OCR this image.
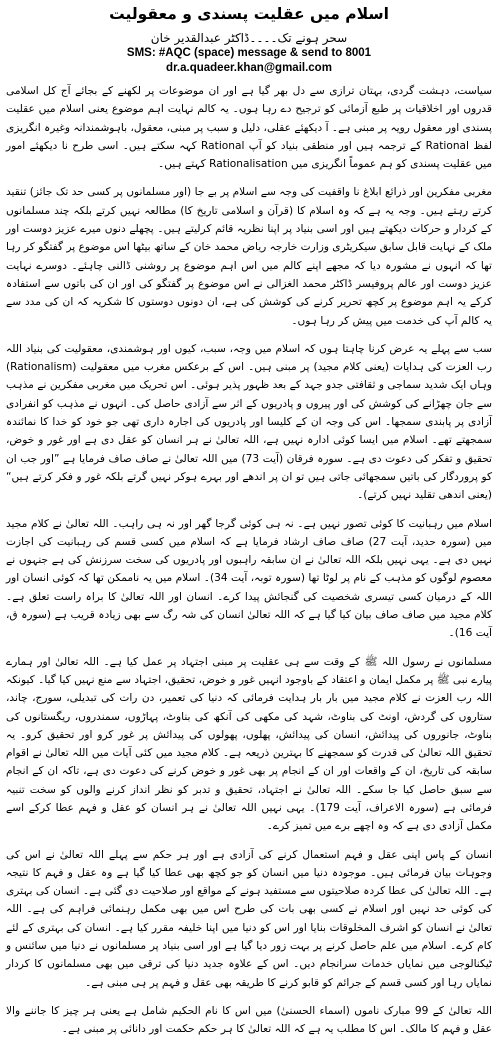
اسلام میں عقلیت پسندی و معقولیت

سحر ہونے تک۔۔۔۔ڈاکٹر عبدالقدیر خان

SMS: #AQC (space) message & send to 8001
dr.a.quadeer.khan@gmail.com

سیاست، دہشت گردی، بہتان ترازی سے دل بھر گیا ہے اور ان موضوعات پر لکھنے کے بجائے آج کل اسلامی قدروں اور اخلاقیات پر طبع آزمائی کو ترجیح دے رہا ہوں۔ یہ کالم نہایت اہم موضوع یعنی اسلام میں عقلیت پسندی اور معقول رویہ پر مبنی ہے۔ آ دیکھئے عقلی، دلیل و سبب پر مبنی، معقول، باہوشمندانہ وغیرہ انگریزی لفظ Rational کے ترجمہ ہیں اور منطقی بنیاد کو آپ Rational کہہ سکتے ہیں۔ اسی طرح نا دیکھئے امور میں عقلیت پسندی کو ہم عموماً انگریزی میں Rationalisation کہتے ہیں۔

مغربی مفکرین اور ذرائع ابلاغ نا واقفیت کی وجہ سے اسلام پر بے جا (اور مسلمانوں پر کسی حد تک جائز) تنقید کرتے رہتے ہیں۔ وجہ یہ ہے کہ وہ اسلام کا (قرآن و اسلامی تاریخ کا) مطالعہ نہیں کرتے بلکہ چند مسلمانوں کے کردار و حرکات دیکھتے ہیں اور اسی بنیاد پر اپنا نظریہ قائم کرلیتے ہیں۔ پچھلے دنوں میرے عزیز دوست اور ملک کے نہایت قابل سابق سیکریٹری وزارت خارجہ ریاض محمد خان کے ساتھ بیٹھا اس موضوع پر گفتگو کر رہا تھا کہ انہوں نے مشورہ دیا کہ مجھے اپنے کالم میں اس اہم موضوع پر روشنی ڈالنی چاہئے۔ دوسرے نہایت عزیز دوست اور عالم پروفیسر ڈاکٹر محمد الغزالی نے اس موضوع پر گفتگو کی اور ان کی باتوں سے استفادہ کرکے یہ اہم موضوع پر کچھ تحریر کرنے کی کوشش کی ہے، ان دونوں دوستوں کا شکریہ کہ ان کی مدد سے یہ کالم آپ کی خدمت میں پیش کر رہا ہوں۔

سب سے پہلے یہ عرض کرنا چاہتا ہوں کہ اسلام میں وجہ، سبب، کیوں اور ہوشمندی، معقولیت کی بنیاد اللہ رب العزت کی ہدایات (یعنی کلام مجید) پر مبنی ہیں۔ اس کے برعکس مغرب میں معقولیت (Rationalism) وہاں ایک شدید سماجی و ثقافتی جدو جہد کے بعد ظہور پذیر ہوئی۔ اس تحریک میں مغربی مفکرین نے مذہب سے جان چھڑانے کی کوشش کی اور پیروں و پادریوں کے اثر سے آزادی حاصل کی۔ انہوں نے مذہب کو انفرادی آزادی پر پابندی سمجھا۔ اس کی وجہ ان کے کلیسا اور پادریوں کی اجارہ داری تھی جو خود کو خدا کا نمائندہ سمجھتے تھے۔ اسلام میں ایسا کوئی ادارہ نہیں ہے، اللہ تعالیٰ نے ہر انسان کو عقل دی ہے اور غور و خوض، تحقیق و تفکر کی دعوت دی ہے۔ سورہ فرقان (آیت 73) میں اللہ تعالیٰ نے صاف صاف فرمایا ہے ”اور جب ان کو پروردگار کی باتیں سمجھائی جاتی ہیں تو ان پر اندھے اور بہرے ہوکر نہیں گرتے بلکہ غور و فکر کرتے ہیں“ (یعنی اندھی تقلید نہیں کرتے)۔

اسلام میں رہبانیت کا کوئی تصور نہیں ہے۔ نہ ہی کوئی گرجا گھر اور نہ ہی راہب۔ اللہ تعالیٰ نے کلام مجید میں (سورہ حدید، آیت 27) صاف صاف ارشاد فرمایا ہے کہ اسلام میں کسی قسم کی رہبانیت کی اجازت نہیں دی ہے۔ یہی نہیں بلکہ اللہ تعالیٰ نے ان سابقہ راہبوں اور پادریوں کی سخت سرزنش کی ہے جنہوں نے معصوم لوگوں کو مذہب کے نام پر لوٹا تھا (سورہ توبہ، آیت 34)۔ اسلام میں یہ ناممکن تھا کہ کوئی انسان اور اللہ کے درمیان کسی تیسری شخصیت کی گنجائش پیدا کرے۔ انسان اور اللہ تعالیٰ کا براہ راست تعلق ہے۔ کلام مجید میں صاف صاف بیان کیا گیا ہے کہ اللہ تعالیٰ انسان کی شہ رگ سے بھی زیادہ قریب ہے (سورہ ق، آیت 16)۔

مسلمانوں نے رسول اللہ ﷺ کے وقت سے ہی عقلیت پر مبنی اجتہاد پر عمل کیا ہے۔ اللہ تعالیٰ اور ہمارے پیارے نبی ﷺ پر مکمل ایمان و اعتقاد کے باوجود انہیں غور و خوض، تحقیق، اجتہاد سے منع نہیں کیا گیا۔ کیونکہ اللہ رب العزت نے کلام مجید میں بار بار ہدایت فرمائی کہ دنیا کی تعمیر، دن رات کی تبدیلی، سورج، چاند، ستاروں کی گردش، اونٹ کی بناوٹ، شہد کی مکھی کی آنکھ کی بناوٹ، پہاڑوں، سمندروں، ریگستانوں کی بناوٹ، جانوروں کی پیدائش، انسان کی پیدائش، پھلوں، پھولوں کی پیدائش پر غور کرو اور تحقیق کرو۔ یہ تحقیق اللہ تعالیٰ کی قدرت کو سمجھنے کا بہترین ذریعہ ہے۔ کلام مجید میں کئی آیات میں اللہ تعالیٰ نے اقوام سابقہ کی تاریخ، ان کے واقعات اور ان کے انجام پر بھی غور و خوض کرنے کی دعوت دی ہے، تاکہ ان کے انجام سے سبق حاصل کیا جا سکے۔ اللہ تعالیٰ نے اجتہاد، تحقیق و تدبر کو نظر انداز کرنے والوں کو سخت تنبیہ فرمائی ہے (سورہ الاعراف، آیت 179)۔ یہی نہیں اللہ تعالیٰ نے ہر انسان کو عقل و فہم عطا کرکے اسے مکمل آزادی دی ہے کہ وہ اچھے برے میں تمیز کرے۔

انسان کے پاس اپنی عقل و فہم استعمال کرنے کی آزادی ہے اور ہر حکم سے پہلے اللہ تعالیٰ نے اس کی وجوہات بیان فرمائی ہیں۔ موجودہ دنیا میں انسان کو جو کچھ بھی عطا کیا گیا ہے وہ عقل و فہم کا نتیجہ ہے۔ اللہ تعالیٰ کی عطا کردہ صلاحیتوں سے مستفید ہونے کے مواقع اور صلاحیت دی گئی ہے۔ انسان کی بہتری کی کوئی حد نہیں اور اسلام نے کسی بھی بات کی طرح اس میں بھی مکمل رہنمائی فراہم کی ہے۔ اللہ تعالیٰ نے انسان کو اشرف المخلوقات بنایا اور اس کو دنیا میں اپنا خلیفہ مقرر کیا ہے۔ انسان کی بہتری کے لئے کام کرے۔ اسلام میں علم حاصل کرنے پر بہت زور دیا گیا ہے اور اسی بنیاد پر مسلمانوں نے دنیا میں سائنس و ٹیکنالوجی میں نمایاں خدمات سرانجام دیں۔ اس کے علاوہ جدید دنیا کی ترقی میں بھی مسلمانوں کا کردار نمایاں رہا اور کسی قسم کے جرائم کو قابو کرنے کا طریقہ بھی عقل و فہم پر ہی مبنی ہے۔

اللہ تعالیٰ کے 99 مبارک ناموں (اسماء الحسنیٰ) میں اس کا نام الحکیم شامل ہے یعنی ہر چیز کا جاننے والا عقل و فہم کا مالک۔ اس کا مطلب یہ ہے کہ اللہ تعالیٰ کا ہر حکم حکمت اور دانائی پر مبنی ہے۔
